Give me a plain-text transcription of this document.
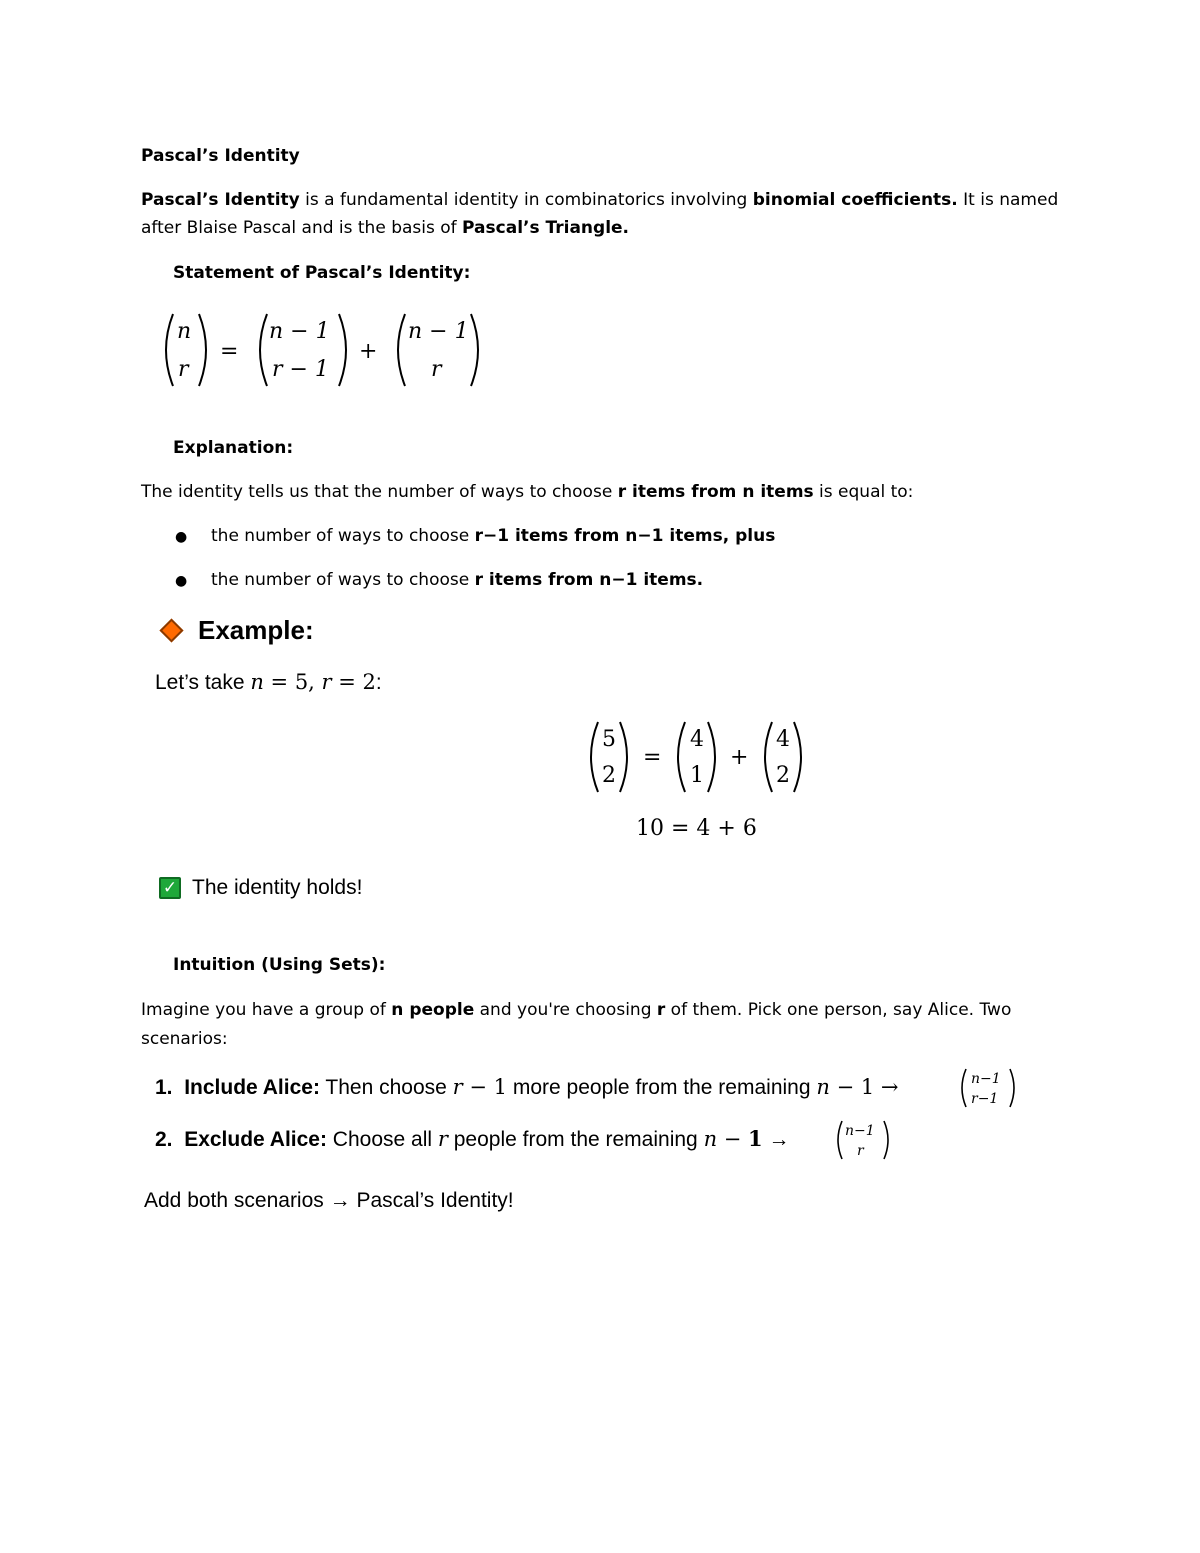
Pascal’s Identity
Pascal’s Identity is a fundamental identity in combinatorics involving binomial coefficients. It is named
after Blaise Pascal and is the basis of Pascal’s Triangle.
Statement of Pascal’s Identity:
n
r
=
n − 1
r − 1
+
n − 1
r
Explanation:
The identity tells us that the number of ways to choose r items from n items is equal to:
● the number of ways to choose r−1 items from n−1 items, plus
● the number of ways to choose r items from n−1 items.
Example:
Let’s take n = 5, r = 2:
5
2
=
4
1
+
4
2
10 = 4 + 6
✓ The identity holds!
Intuition (Using Sets):
Imagine you have a group of n people and you're choosing r of them. Pick one person, say Alice. Two
scenarios:
1. Include Alice: Then choose r − 1 more people from the remaining n − 1 →	n−1
r−1
2. Exclude Alice: Choose all r people from the remaining n − 1 →	n−1
r
Add both scenarios → Pascal’s Identity!
